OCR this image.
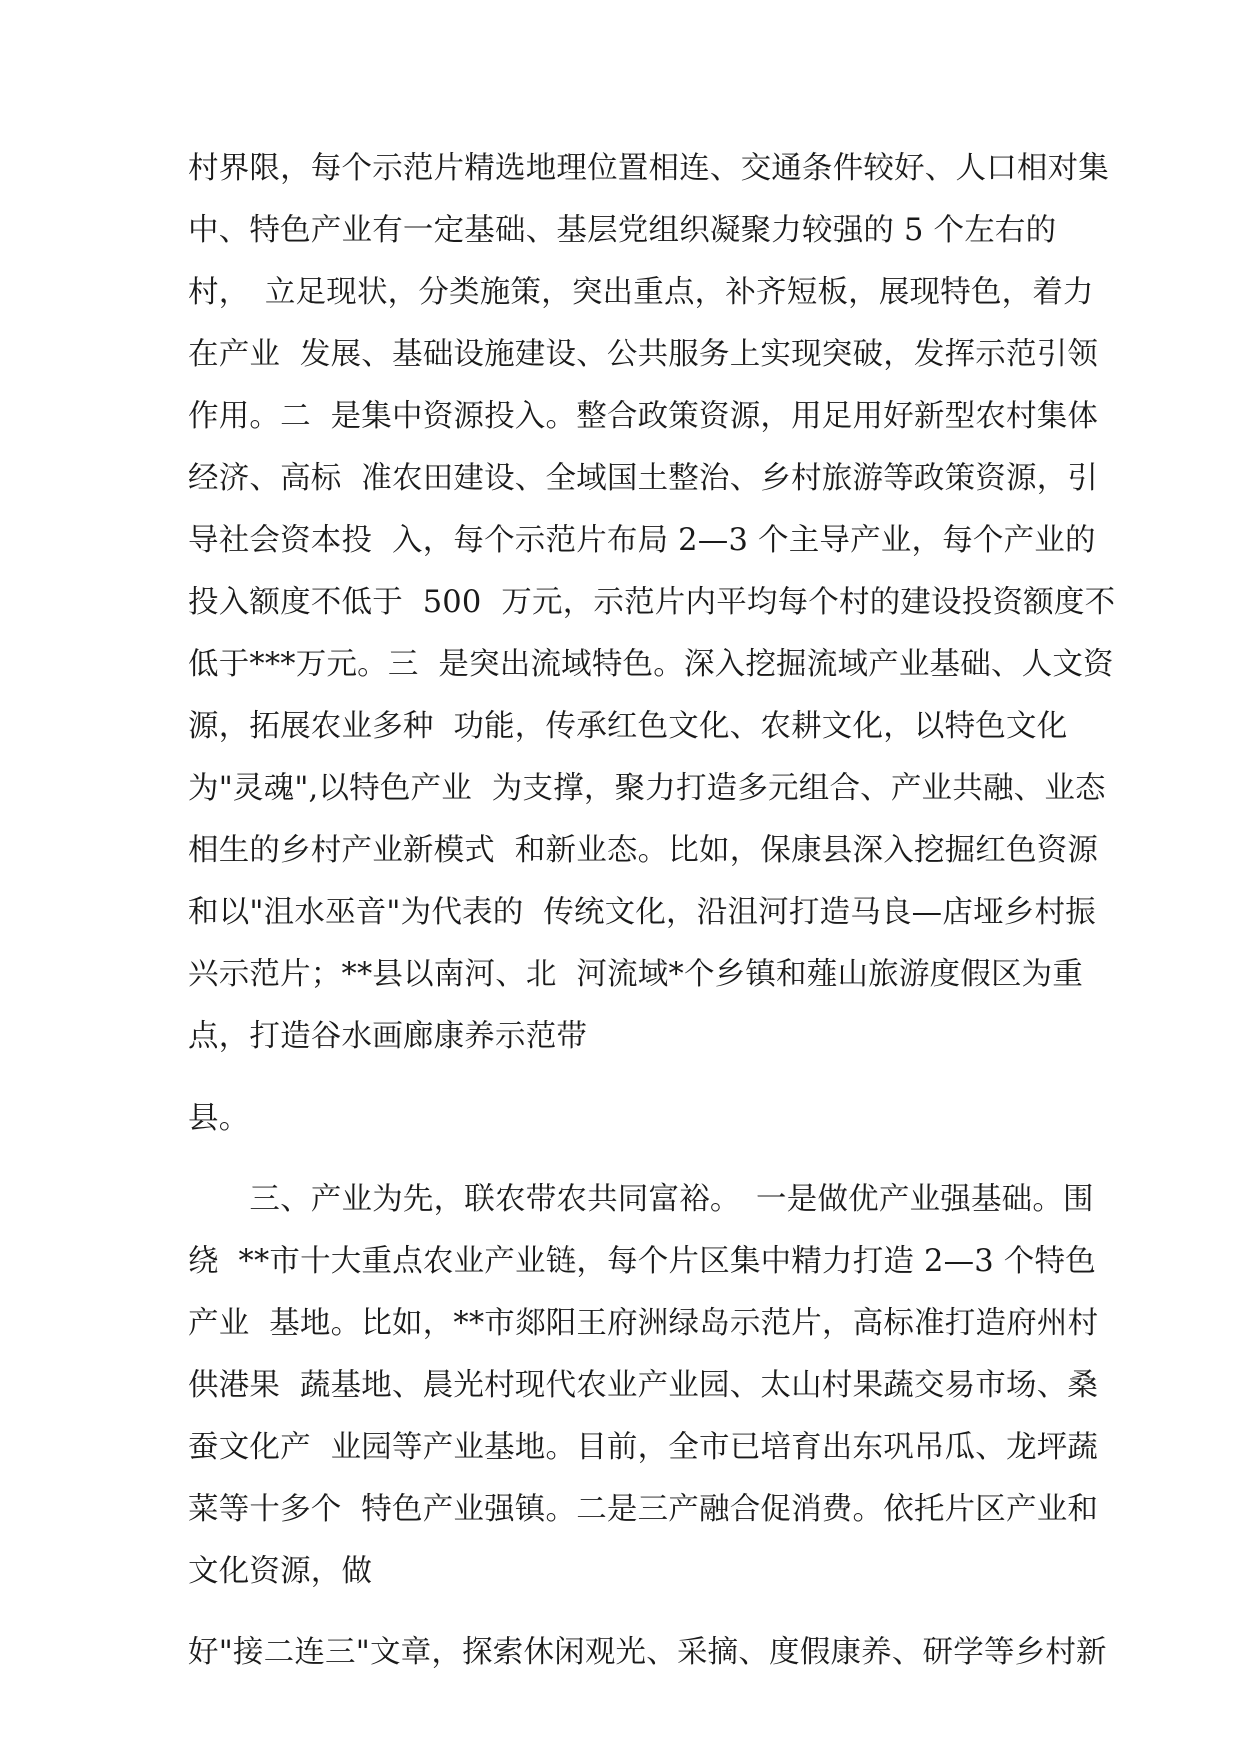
村界限，每个示范片精选地理位置相连、交通条件较好、人口相对集
中、特色产业有一定基础、基层党组织凝聚力较强的 5 个左右的
村，　立足现状，分类施策，突出重点，补齐短板，展现特色，着力
在产业  发展、基础设施建设、公共服务上实现突破，发挥示范引领
作用。二  是集中资源投入。整合政策资源，用足用好新型农村集体
经济、高标  准农田建设、全域国土整治、乡村旅游等政策资源，引
导社会资本投  入，每个示范片布局 2—3 个主导产业，每个产业的
投入额度不低于  500  万元，示范片内平均每个村的建设投资额度不
低于***万元。三  是突出流域特色。深入挖掘流域产业基础、人文资
源，拓展农业多种  功能，传承红色文化、农耕文化，以特色文化
为"灵魂",以特色产业  为支撑，聚力打造多元组合、产业共融、业态
相生的乡村产业新模式  和新业态。比如，保康县深入挖掘红色资源
和以"沮水巫音"为代表的  传统文化，沿沮河打造马良—店垭乡村振
兴示范片；**县以南河、北  河流域*个乡镇和薤山旅游度假区为重
点，打造谷水画廊康养示范带
县。
　　三、产业为先，联农带农共同富裕。　一是做优产业强基础。围
绕  **市十大重点农业产业链，每个片区集中精力打造 2—3 个特色
产业  基地。比如，**市郯阳王府洲绿岛示范片，高标准打造府州村
供港果  蔬基地、晨光村现代农业产业园、太山村果蔬交易市场、桑
蚕文化产  业园等产业基地。目前，全市已培育出东巩吊瓜、龙坪蔬
菜等十多个  特色产业强镇。二是三产融合促消费。依托片区产业和
文化资源，做
好"接二连三"文章，探索休闲观光、采摘、度假康养、研学等乡村新
